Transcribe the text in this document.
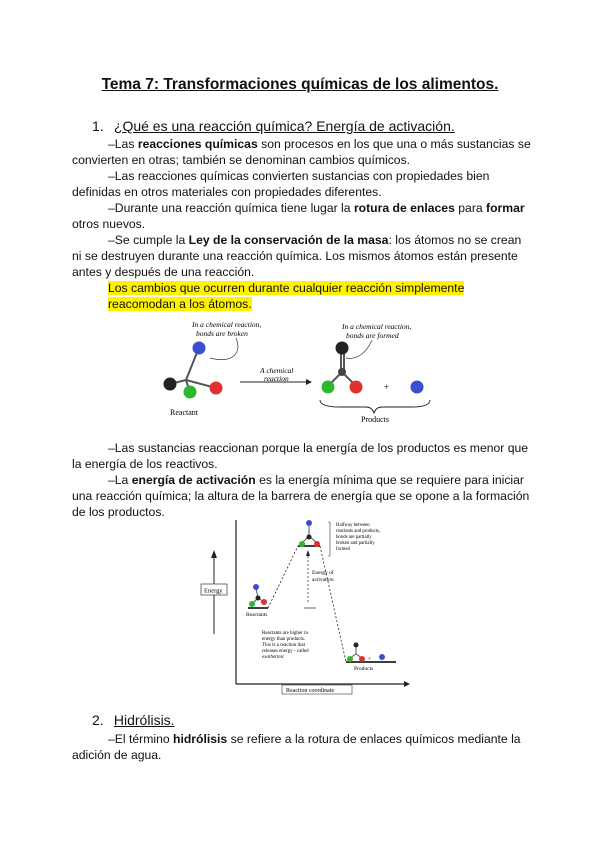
Tema 7: Transformaciones químicas de los alimentos.
1. ¿Qué es una reacción química? Energía de activación.
–Las reacciones químicas son procesos en los que una o más sustancias se convierten en otras; también se denominan cambios químicos.
–Las reacciones químicas convierten sustancias con propiedades bien definidas en otros materiales con propiedades diferentes.
–Durante una reacción química tiene lugar la rotura de enlaces para formar otros nuevos.
–Se cumple la Ley de la conservación de la masa: los átomos no se crean ni se destruyen durante una reacción química. Los mismos átomos están presente antes y después de una reacción.
Los cambios que ocurren durante cualquier reacción simplemente reacomodan a los átomos.
In a chemical reaction,
bonds are broken
Reactant
A chemical
reaction
In a chemical reaction,
bonds are formed
+
Products
–Las sustancias reaccionan porque la energía de los productos es menor que la energía de los reactivos.
–La energía de activación es la energía mínima que se requiere para iniciar una reacción química; la altura de la barrera de energía que se opone a la formación de los productos.
Energy
Reaction coordinate
Energy of
activation
Reactants
Halfway between
reactants and products,
bonds are partially
broken and partially
formed
+
Products
Reactants are higher in
energy than products.
This is a reaction that
releases energy - called
exothermic
2. Hidrólisis.
–El término hidrólisis se refiere a la rotura de enlaces químicos mediante la adición de agua.
